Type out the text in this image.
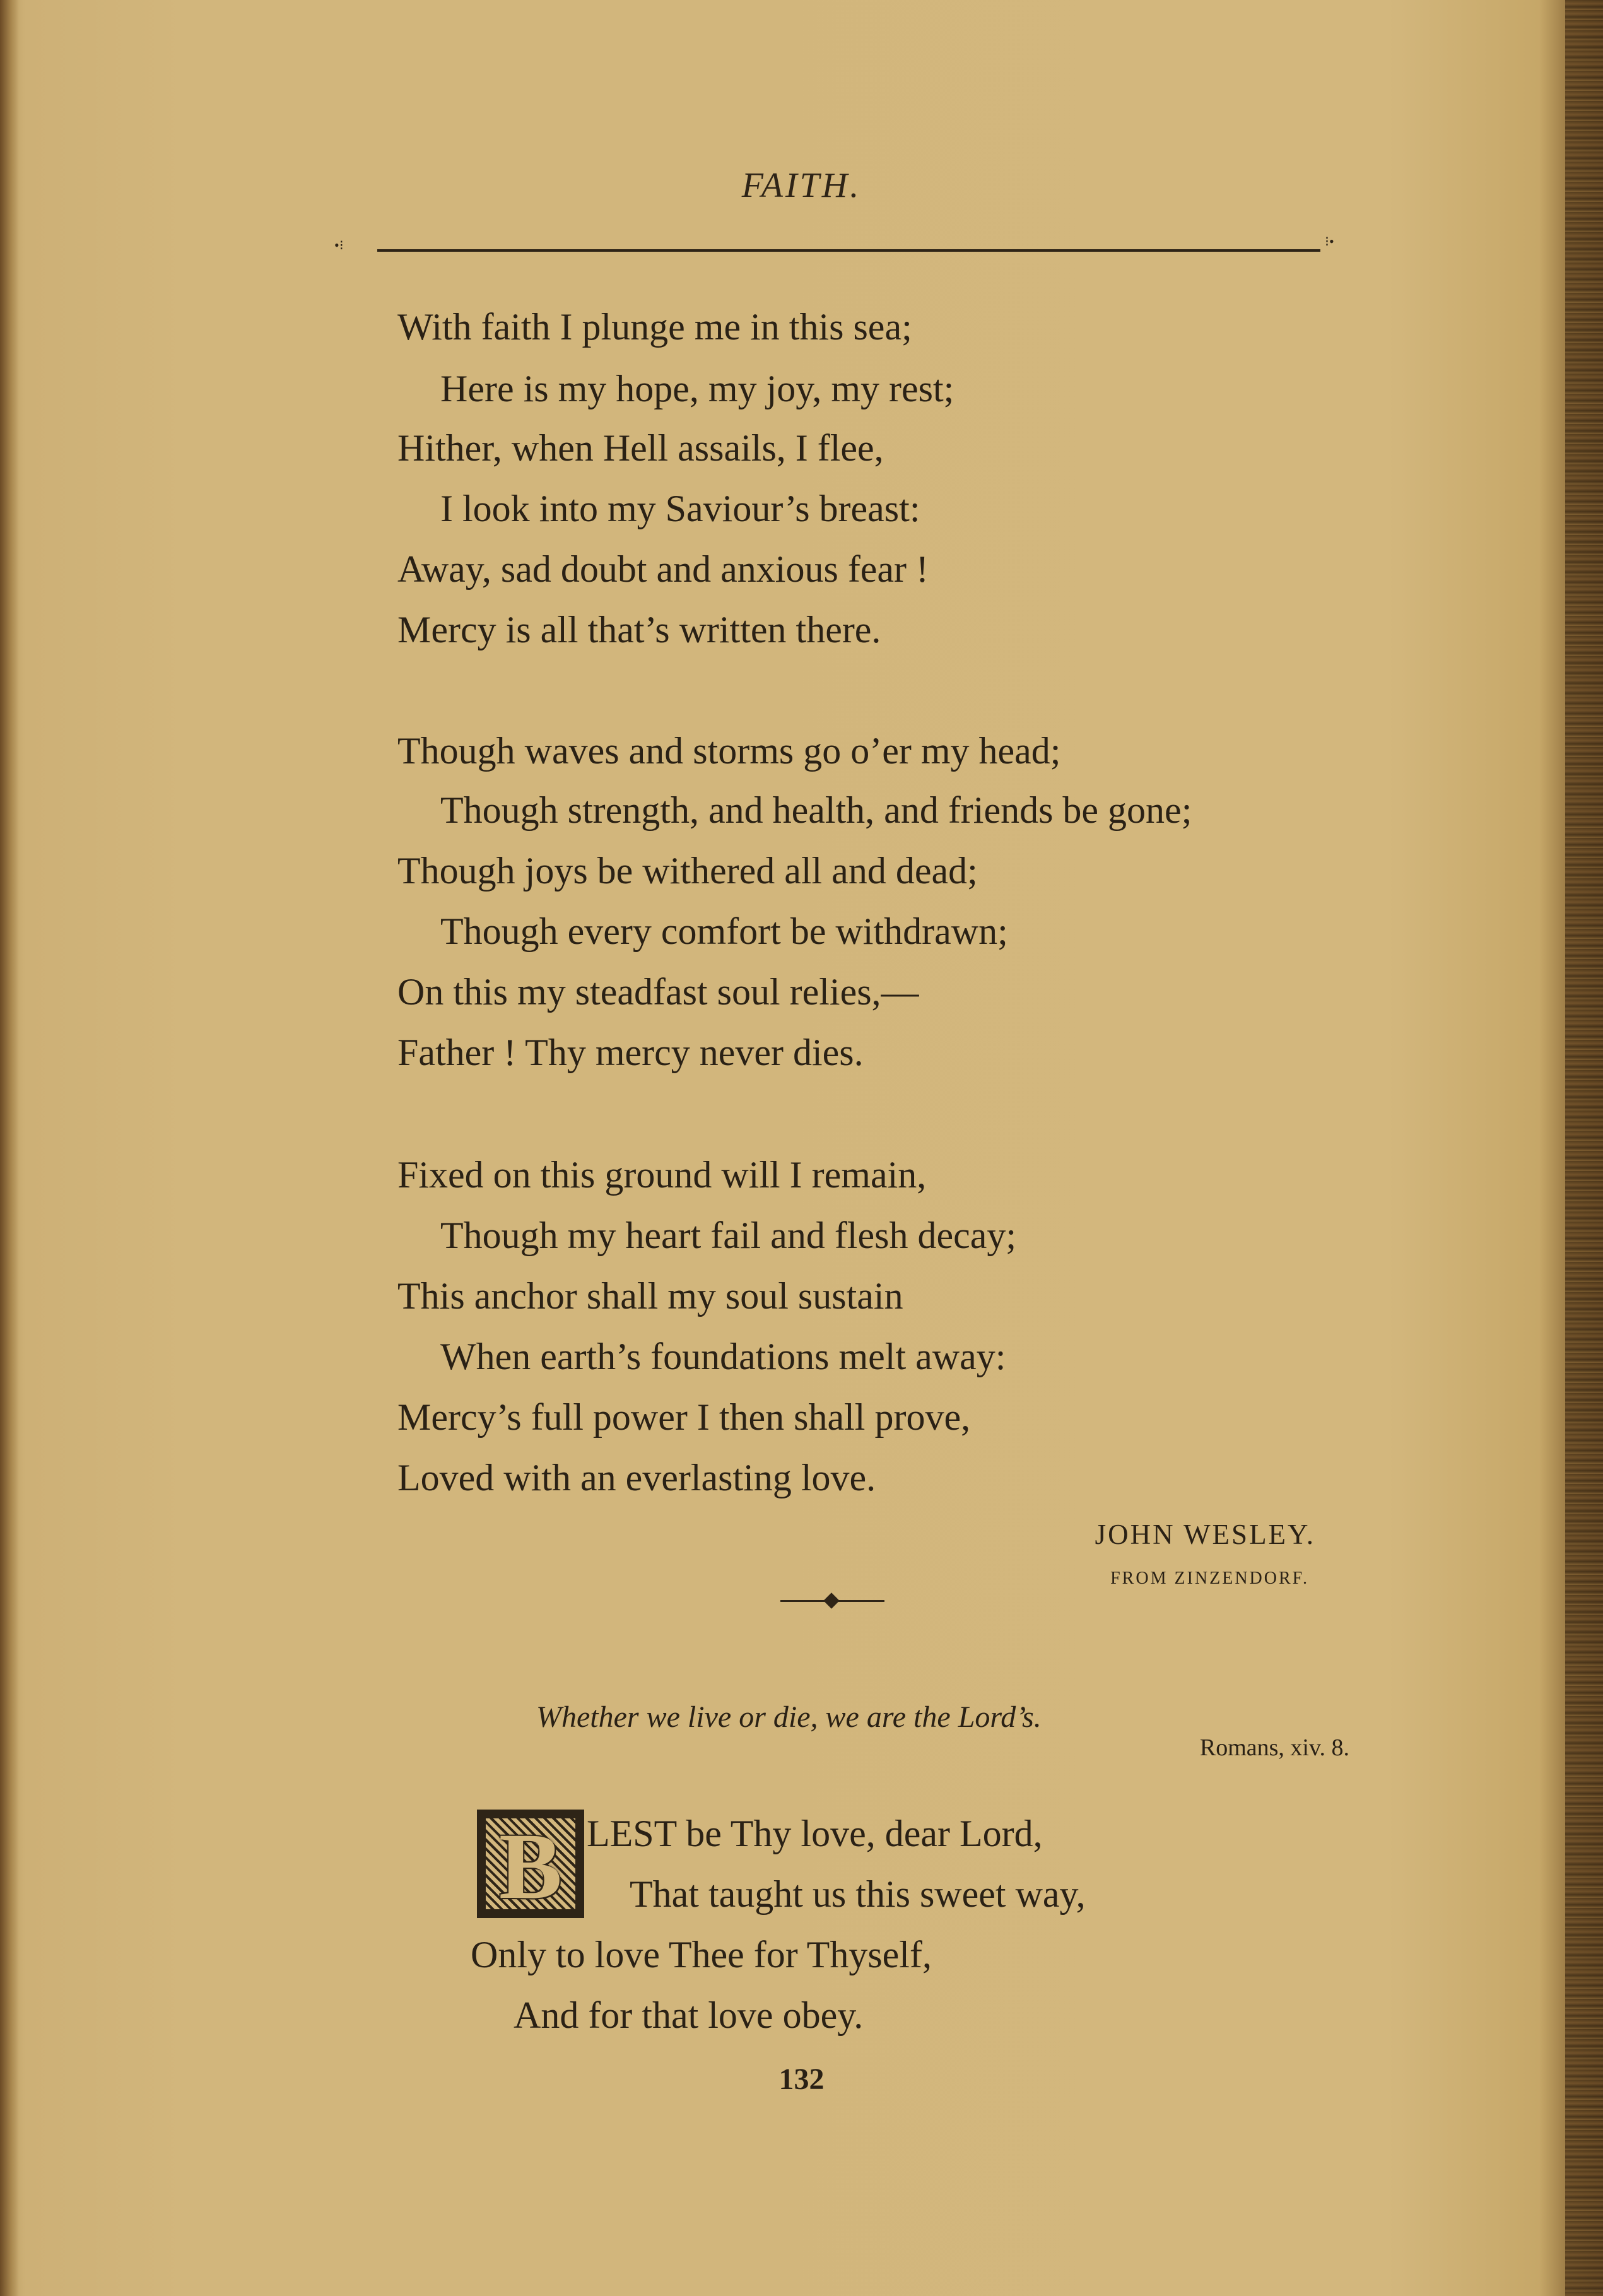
FAITH.
•⁝	⁝•
With faith I plunge me in this sea;
Here is my hope, my joy, my rest;
Hither, when Hell assails, I flee,
I look into my Saviour’s breast:
Away, sad doubt and anxious fear !
Mercy is all that’s written there.
Though waves and storms go o’er my head;
Though strength, and health, and friends be gone;
Though joys be withered all and dead;
Though every comfort be withdrawn;
On this my steadfast soul relies,—
Father ! Thy mercy never dies.
Fixed on this ground will I remain,
Though my heart fail and flesh decay;
This anchor shall my soul sustain
When earth’s foundations melt away:
Mercy’s full power I then shall prove,
Loved with an everlasting love.
JOHN WESLEY.
FROM ZINZENDORF.
Whether we live or die, we are the Lord’s.
Romans, xiv. 8.
B LEST be Thy love, dear Lord,
That taught us this sweet way,
Only to love Thee for Thyself,
And for that love obey.
132
